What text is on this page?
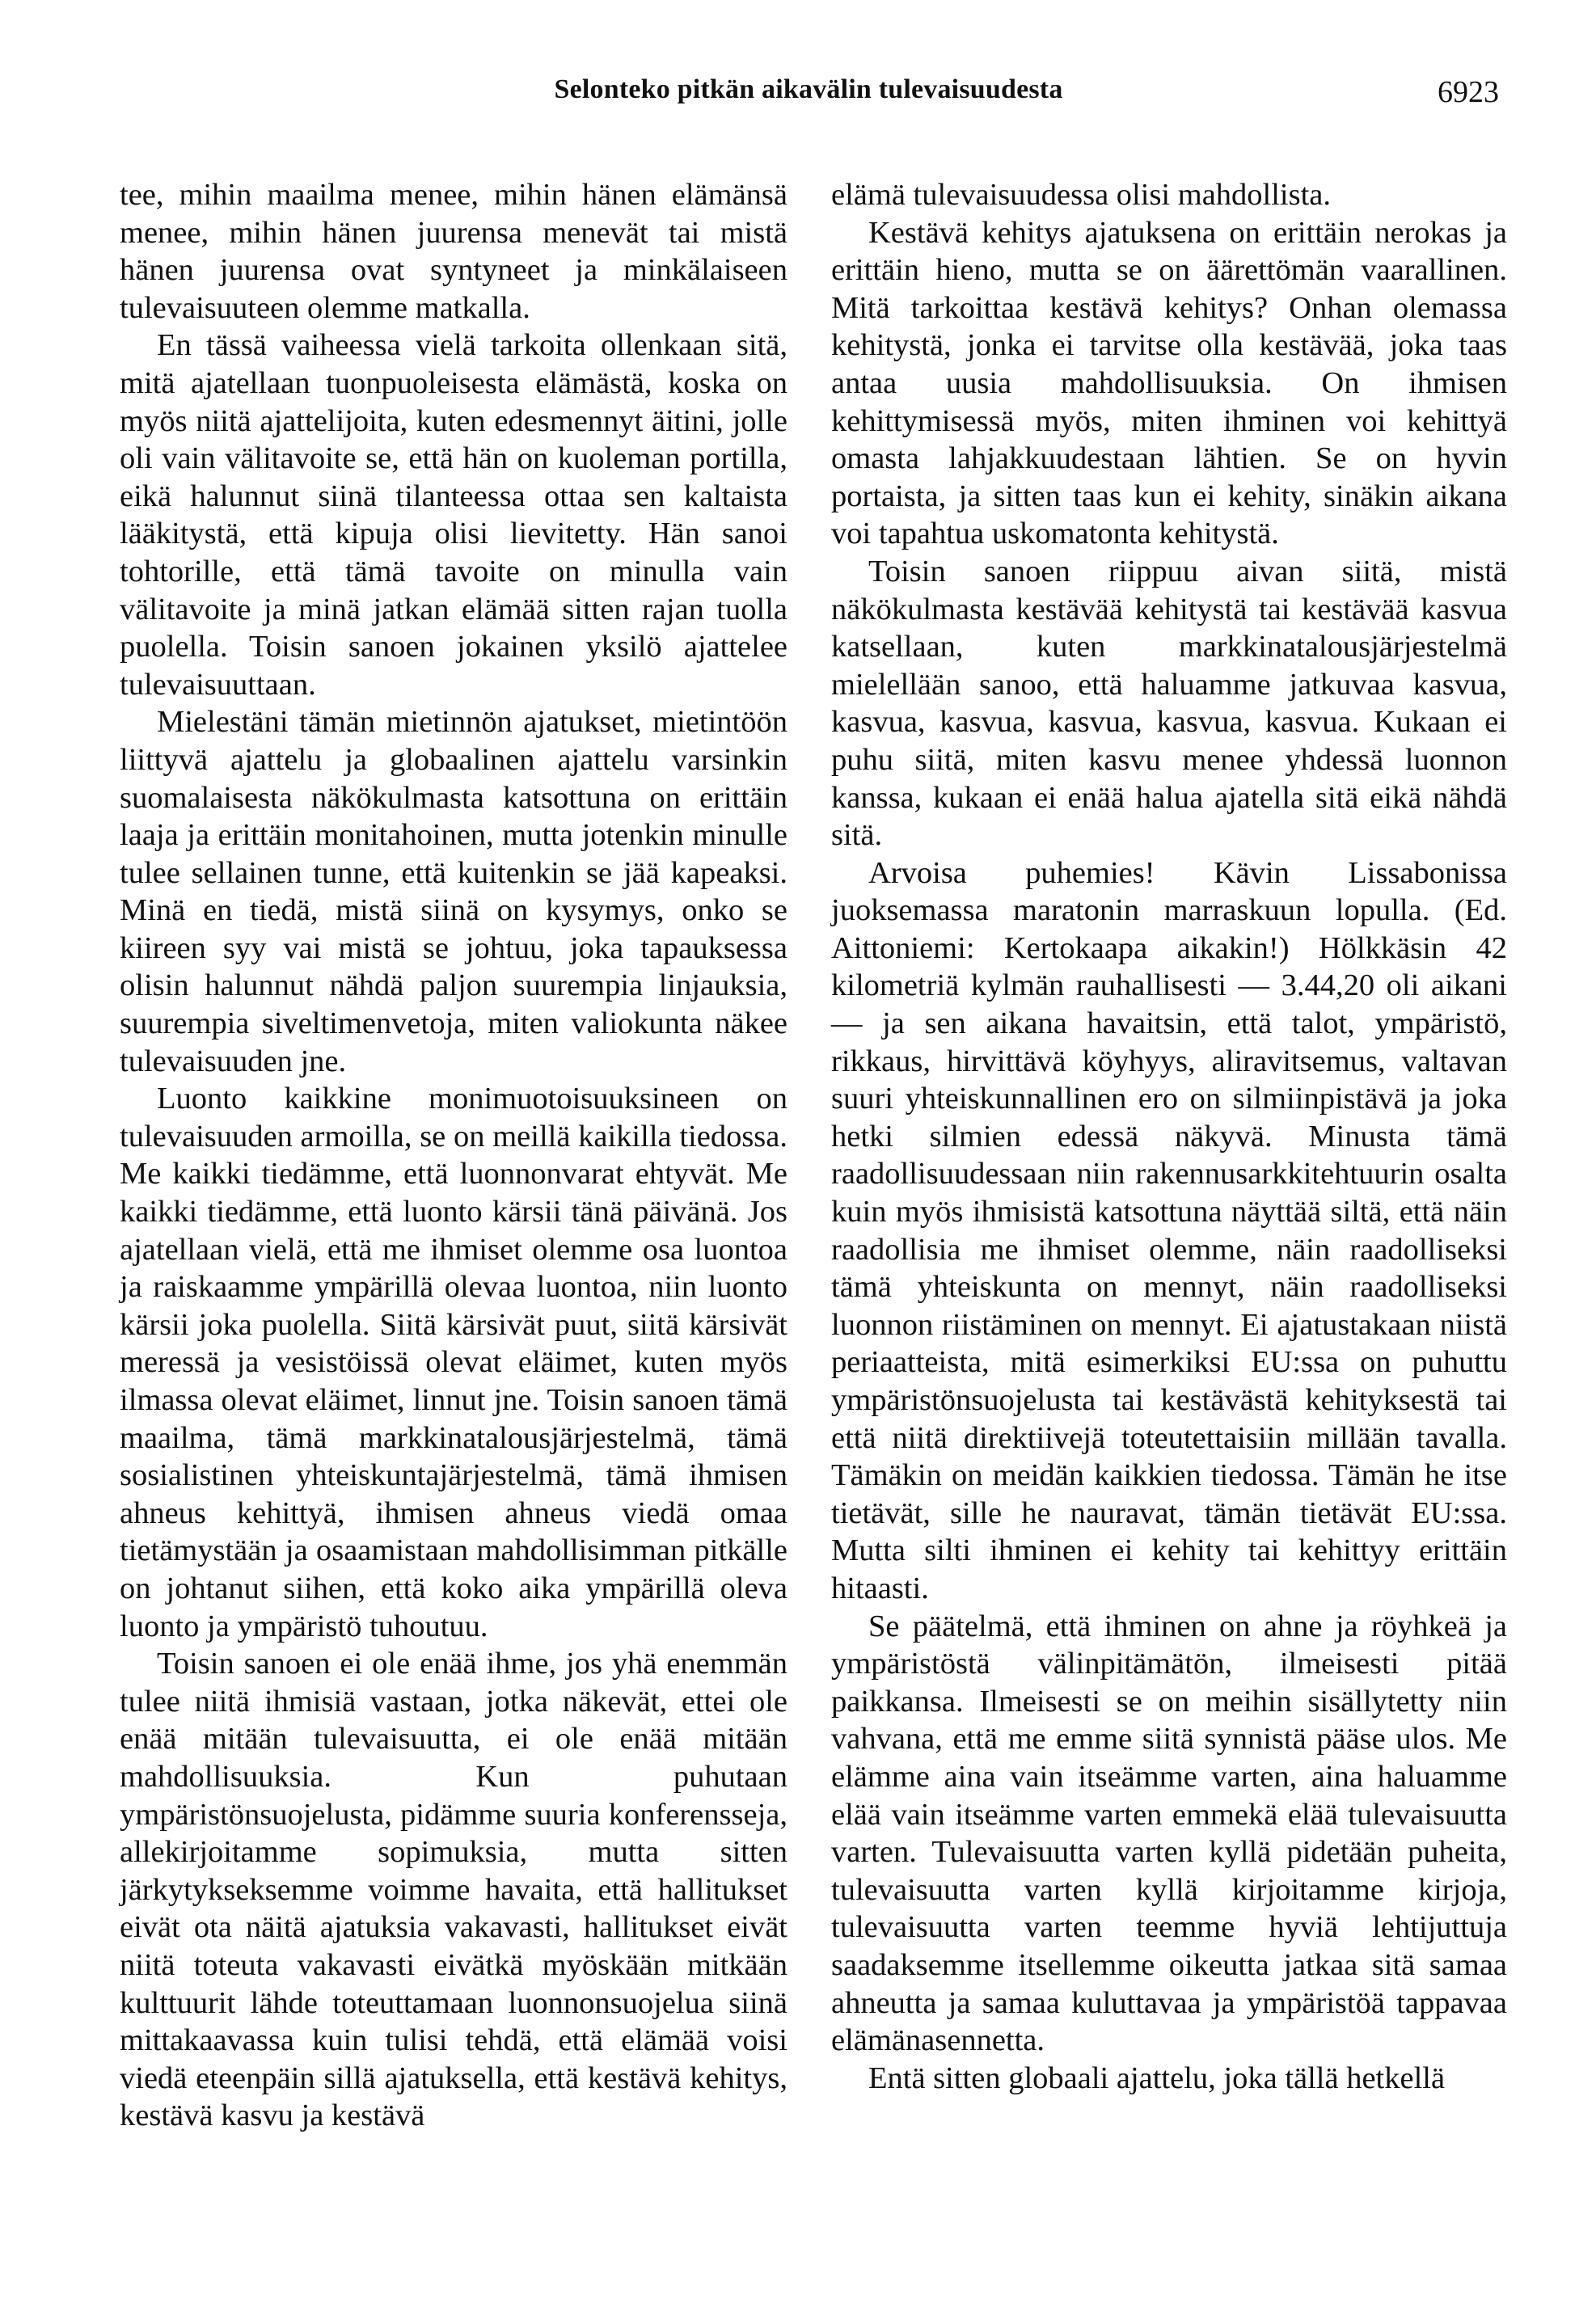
Selonteko pitkän aikavälin tulevaisuudesta	6923

tee, mihin maailma menee, mihin hänen elämänsä menee, mihin hänen juurensa menevät tai mistä hänen juurensa ovat syntyneet ja minkälaiseen tulevaisuuteen olemme matkalla.

En tässä vaiheessa vielä tarkoita ollenkaan sitä, mitä ajatellaan tuonpuoleisesta elämästä, koska on myös niitä ajattelijoita, kuten edesmennyt äitini, jolle oli vain välitavoite se, että hän on kuoleman portilla, eikä halunnut siinä tilanteessa ottaa sen kaltaista lääkitystä, että kipuja olisi lievitetty. Hän sanoi tohtorille, että tämä tavoite on minulla vain välitavoite ja minä jatkan elämää sitten rajan tuolla puolella. Toisin sanoen jokainen yksilö ajattelee tulevaisuuttaan.

Mielestäni tämän mietinnön ajatukset, mietintöön liittyvä ajattelu ja globaalinen ajattelu varsinkin suomalaisesta näkökulmasta katsottuna on erittäin laaja ja erittäin monitahoinen, mutta jotenkin minulle tulee sellainen tunne, että kuitenkin se jää kapeaksi. Minä en tiedä, mistä siinä on kysymys, onko se kiireen syy vai mistä se johtuu, joka tapauksessa olisin halunnut nähdä paljon suurempia linjauksia, suurempia siveltimenvetoja, miten valiokunta näkee tulevaisuuden jne.

Luonto kaikkine monimuotoisuuksineen on tulevaisuuden armoilla, se on meillä kaikilla tiedossa. Me kaikki tiedämme, että luonnonvarat ehtyvät. Me kaikki tiedämme, että luonto kärsii tänä päivänä. Jos ajatellaan vielä, että me ihmiset olemme osa luontoa ja raiskaamme ympärillä olevaa luontoa, niin luonto kärsii joka puolella. Siitä kärsivät puut, siitä kärsivät meressä ja vesistöissä olevat eläimet, kuten myös ilmassa olevat eläimet, linnut jne. Toisin sanoen tämä maailma, tämä markkinatalousjärjestelmä, tämä sosialistinen yhteiskuntajärjestelmä, tämä ihmisen ahneus kehittyä, ihmisen ahneus viedä omaa tietämystään ja osaamistaan mahdollisimman pitkälle on johtanut siihen, että koko aika ympärillä oleva luonto ja ympäristö tuhoutuu.

Toisin sanoen ei ole enää ihme, jos yhä enemmän tulee niitä ihmisiä vastaan, jotka näkevät, ettei ole enää mitään tulevaisuutta, ei ole enää mitään mahdollisuuksia. Kun puhutaan ympäristönsuojelusta, pidämme suuria konferensseja, allekirjoitamme sopimuksia, mutta sitten järkytykseksemme voimme havaita, että hallitukset eivät ota näitä ajatuksia vakavasti, hallitukset eivät niitä toteuta vakavasti eivätkä myöskään mitkään kulttuurit lähde toteuttamaan luonnonsuojelua siinä mittakaavassa kuin tulisi tehdä, että elämää voisi viedä eteenpäin sillä ajatuksella, että kestävä kehitys, kestävä kasvu ja kestävä

elämä tulevaisuudessa olisi mahdollista.

Kestävä kehitys ajatuksena on erittäin nerokas ja erittäin hieno, mutta se on äärettömän vaarallinen. Mitä tarkoittaa kestävä kehitys? Onhan olemassa kehitystä, jonka ei tarvitse olla kestävää, joka taas antaa uusia mahdollisuuksia. On ihmisen kehittymisessä myös, miten ihminen voi kehittyä omasta lahjakkuudestaan lähtien. Se on hyvin portaista, ja sitten taas kun ei kehity, sinäkin aikana voi tapahtua uskomatonta kehitystä.

Toisin sanoen riippuu aivan siitä, mistä näkökulmasta kestävää kehitystä tai kestävää kasvua katsellaan, kuten markkinatalousjärjestelmä mielellään sanoo, että haluamme jatkuvaa kasvua, kasvua, kasvua, kasvua, kasvua, kasvua. Kukaan ei puhu siitä, miten kasvu menee yhdessä luonnon kanssa, kukaan ei enää halua ajatella sitä eikä nähdä sitä.

Arvoisa puhemies! Kävin Lissabonissa juoksemassa maratonin marraskuun lopulla. (Ed. Aittoniemi: Kertokaapa aikakin!) Hölkkäsin 42 kilometriä kylmän rauhallisesti — 3.44,20 oli aikani — ja sen aikana havaitsin, että talot, ympäristö, rikkaus, hirvittävä köyhyys, aliravitsemus, valtavan suuri yhteiskunnallinen ero on silmiinpistävä ja joka hetki silmien edessä näkyvä. Minusta tämä raadollisuudessaan niin rakennusarkkitehtuurin osalta kuin myös ihmisistä katsottuna näyttää siltä, että näin raadollisia me ihmiset olemme, näin raadolliseksi tämä yhteiskunta on mennyt, näin raadolliseksi luonnon riistäminen on mennyt. Ei ajatustakaan niistä periaatteista, mitä esimerkiksi EU:ssa on puhuttu ympäristönsuojelusta tai kestävästä kehityksestä tai että niitä direktiivejä toteutettaisiin millään tavalla. Tämäkin on meidän kaikkien tiedossa. Tämän he itse tietävät, sille he nauravat, tämän tietävät EU:ssa. Mutta silti ihminen ei kehity tai kehittyy erittäin hitaasti.

Se päätelmä, että ihminen on ahne ja röyhkeä ja ympäristöstä välinpitämätön, ilmeisesti pitää paikkansa. Ilmeisesti se on meihin sisällytetty niin vahvana, että me emme siitä synnistä pääse ulos. Me elämme aina vain itseämme varten, aina haluamme elää vain itseämme varten emmekä elää tulevaisuutta varten. Tulevaisuutta varten kyllä pidetään puheita, tulevaisuutta varten kyllä kirjoitamme kirjoja, tulevaisuutta varten teemme hyviä lehtijuttuja saadaksemme itsellemme oikeutta jatkaa sitä samaa ahneutta ja samaa kuluttavaa ja ympäristöä tappavaa elämänasennetta.

Entä sitten globaali ajattelu, joka tällä hetkellä
